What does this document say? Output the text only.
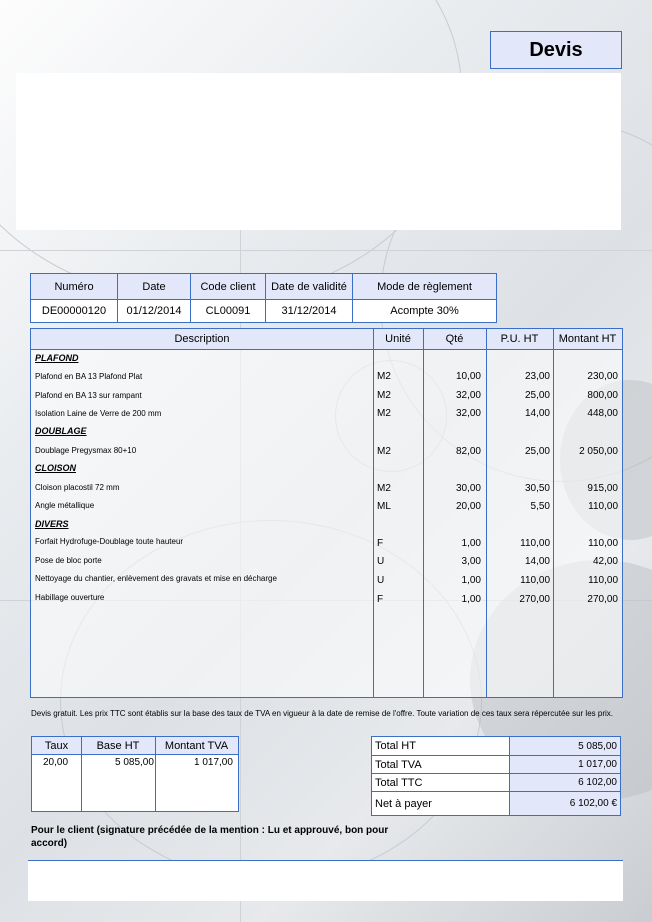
Devis
Numéro	Date	Code client	Date de validité	Mode de règlement
DE00000120	01/12/2014	CL00091	31/12/2014	Acompte 30%
Description	Unité	Qté	P.U. HT	Montant HT
PLAFOND
Plafond en BA 13 Plafond Plat	M2	10,00	23,00	230,00
Plafond en BA 13 sur rampant	M2	32,00	25,00	800,00
Isolation Laine de Verre de 200 mm	M2	32,00	14,00	448,00
DOUBLAGE
Doublage Pregysmax 80+10	M2	82,00	25,00	2 050,00
CLOISON
Cloison placostil 72 mm	M2	30,00	30,50	915,00
Angle métallique	ML	20,00	5,50	110,00
DIVERS
Forfait Hydrofuge-Doublage toute hauteur	F	1,00	110,00	110,00
Pose de bloc porte	U	3,00	14,00	42,00
Nettoyage du chantier, enlèvement des gravats et mise en décharge	U	1,00	110,00	110,00
Habillage ouverture	F	1,00	270,00	270,00
Devis gratuit. Les prix TTC sont établis sur la base des taux de TVA en vigueur à la date de remise de l'offre. Toute variation de ces taux sera répercutée sur les prix.
Taux	Base HT	Montant TVA
20,00	5 085,00	1 017,00
Total HT	5 085,00
Total TVA	1 017,00
Total TTC	6 102,00
Net à payer	6 102,00 €
Pour le client (signature précédée de la mention : Lu et approuvé, bon pour accord)
